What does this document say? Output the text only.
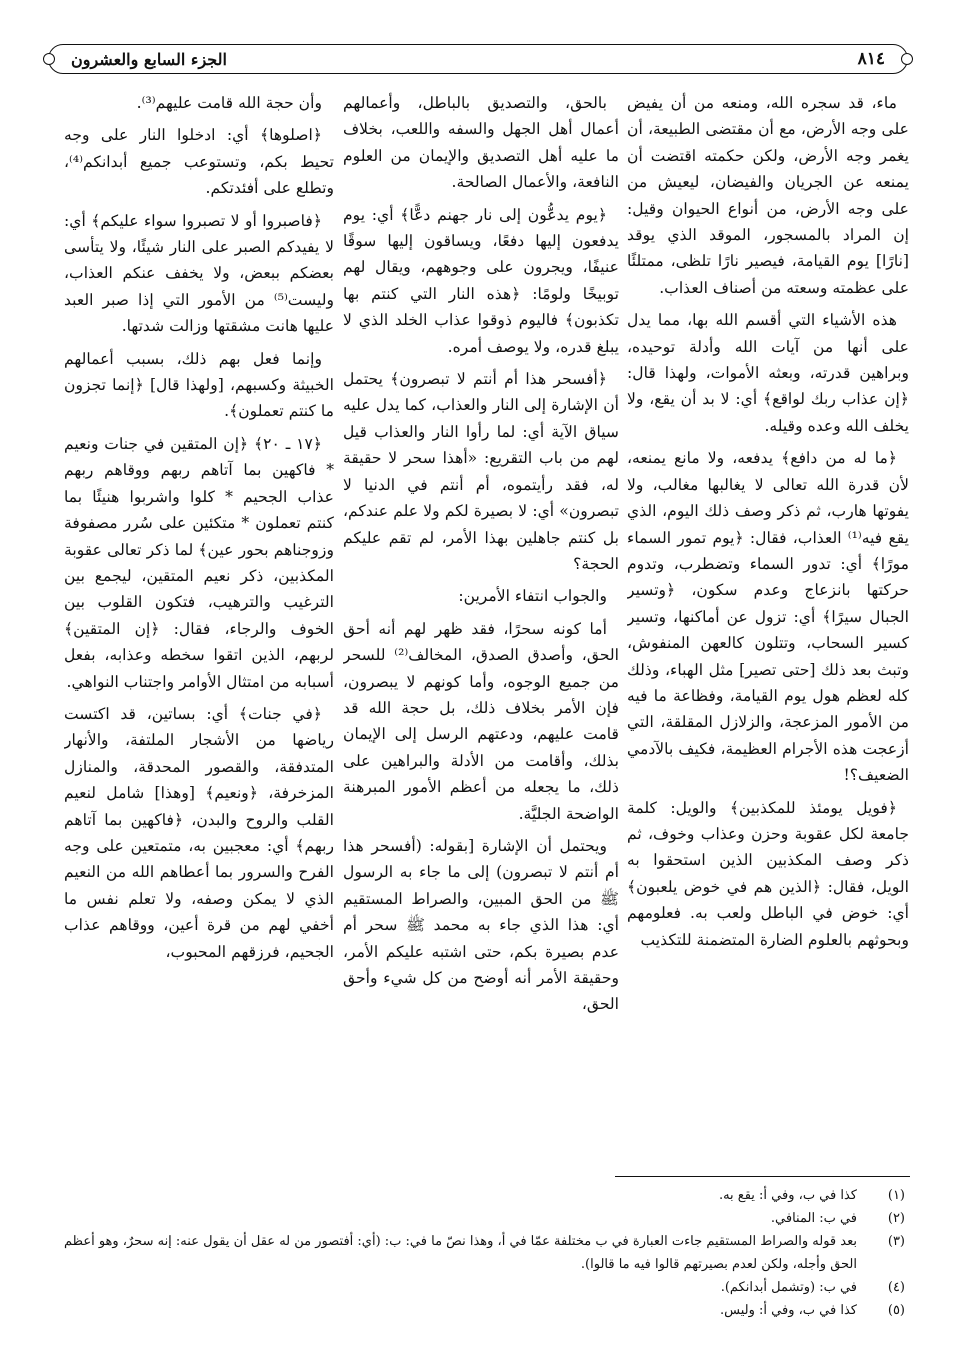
٨١٤
الجزء السابع والعشرون

ماء، قد سجره الله، ومنعه من أن يفيض على وجه الأرض، مع أن مقتضى الطبيعة، أن يغمر وجه الأرض، ولكن حكمته اقتضت أن يمنعه عن الجريان والفيضان، ليعيش من على وجه الأرض، من أنواع الحيوان وقيل: إن المراد بالمسجور، الموقد الذي يوقد [نارًا] يوم القيامة، فيصير نارًا تلظى، ممتلئًا على عظمته وسعته من أصناف العذاب.

هذه الأشياء التي أقسم الله بها، مما يدل على أنها من آيات الله وأدلة توحيده، وبراهين قدرته، وبعثه الأموات، ولهذا قال: ﴿إن عذاب ربك لواقع﴾ أي: لا بد أن يقع، ولا يخلف الله وعده وقيله.

﴿ما له من دافع﴾ يدفعه، ولا مانع يمنعه، لأن قدرة الله تعالى لا يغالبها مغالب، ولا يفوتها هارب، ثم ذكر وصف ذلك اليوم، الذي يقع فيه⁽¹⁾ العذاب، فقال: ﴿يوم تمور السماء مورًا﴾ أي: تدور السماء وتضطرب، وتدوم حركتها بانزعاج وعدم سكون، ﴿وتسير الجبال سيرًا﴾ أي: تزول عن أماكنها، وتسير كسير السحاب، وتتلون كالعهن المنفوش، وتبث بعد ذلك [حتى تصير] مثل الهباء، وذلك كله لعظم هول يوم القيامة، وفظاعة ما فيه من الأمور المزعجة، والزلازل المقلقة، التي أزعجت هذه الأجرام العظيمة، فكيف بالآدمي الضعيف؟!

﴿فويل يومئذ للمكذبين﴾ والويل: كلمة جامعة لكل عقوبة وحزن وعذاب وخوف، ثم ذكر وصف المكذبين الذين استحقوا به الويل، فقال: ﴿الذين هم في خوض يلعبون﴾ أي: خوض في الباطل ولعب به. فعلومهم وبحوثهم بالعلوم الضارة المتضمنة للتكذيب

بالحق، والتصديق بالباطل، وأعمالهم أعمال أهل الجهل والسفه واللعب، بخلاف ما عليه أهل التصديق والإيمان من العلوم النافعة، والأعمال الصالحة.

﴿يوم يدعُّون إلى نار جهنم دعًّا﴾ أي: يوم يدفعون إليها دفعًا، ويساقون إليها سوقًا عنيفًا، ويجرون على وجوههم، ويقال لهم توبيخًا ولومًا: ﴿هذه النار التي كنتم بها تكذبون﴾ فاليوم ذوقوا عذاب الخلد الذي لا يبلغ قدره، ولا يوصف أمره.

﴿أفسحر هذا أم أنتم لا تبصرون﴾ يحتمل أن الإشارة إلى النار والعذاب، كما يدل عليه سياق الآية أي: لما رأوا النار والعذاب قيل لهم من باب التقريع: «أهذا سحر لا حقيقة له، فقد رأيتموه، أم أنتم في الدنيا لا تبصرون» أي: لا بصيرة لكم ولا علم عندكم، بل كنتم جاهلين بهذا الأمر، لم تقم عليكم الحجة؟

والجواب انتفاء الأمرين:

أما كونه سحرًا، فقد ظهر لهم أنه أحق الحق، وأصدق الصدق، المخالف⁽²⁾ للسحر من جميع الوجوه، وأما كونهم لا يبصرون، فإن الأمر بخلاف ذلك، بل حجة الله قد قامت عليهم، ودعتهم الرسل إلى الإيمان بذلك، وأقامت من الأدلة والبراهين على ذلك، ما يجعله من أعظم الأمور المبرهنة الواضحة الجليَّة.

ويحتمل أن الإشارة [بقوله: (أفسحر هذا أم أنتم لا تبصرون) إلى ما جاء به الرسول ﷺ من الحق المبين، والصراط المستقيم أي: هذا الذي جاء به محمد ﷺ سحر أم عدم بصيرة بكم، حتى اشتبه عليكم الأمر، وحقيقة الأمر أنه أوضح من كل شيء وأحق الحق،

وأن حجة الله قامت عليهم⁽³⁾.

﴿اصلوها﴾ أي: ادخلوا النار على وجه تحيط بكم، وتستوعب جميع أبدانكم⁽⁴⁾، وتطلع على أفئدتكم.

﴿فاصبروا أو لا تصبروا سواء عليكم﴾ أي: لا يفيدكم الصبر على النار شيئًا، ولا يتأسى بعضكم ببعض، ولا يخفف عنكم العذاب، وليست⁽⁵⁾ من الأمور التي إذا صبر العبد عليها هانت مشقتها وزالت شدتها.

وإنما فعل بهم ذلك، بسبب أعمالهم الخبيثة وكسبهم، [ولهذا قال] ﴿إنما تجزون ما كنتم تعملون﴾.

﴿١٧ ـ ٢٠﴾ ﴿إن المتقين في جنات ونعيم * فاكهين بما آتاهم ربهم ووقاهم ربهم عذاب الجحيم * كلوا واشربوا هنيئًا بما كنتم تعملون * متكئين على سُرر مصفوفة وزوجناهم بحور عين﴾ لما ذكر تعالى عقوبة المكذبين، ذكر نعيم المتقين، ليجمع بين الترغيب والترهيب، فتكون القلوب بين الخوف والرجاء، فقال: ﴿إن المتقين﴾ لربهم، الذين اتقوا سخطه وعذابه، بفعل أسبابه من امتثال الأوامر واجتناب النواهي.

﴿في جنات﴾ أي: بساتين، قد اكتست رياضها من الأشجار الملتفة، والأنهار المتدفقة، والقصور المحدقة، والمنازل المزخرفة، ﴿ونعيم﴾ [وهذا] شامل لنعيم القلب والروح والبدن، ﴿فاكهين بما آتاهم ربهم﴾ أي: معجبين به، متمتعين على وجه الفرح والسرور بما أعطاهم الله من النعيم الذي لا يمكن وصفه، ولا تعلم نفس ما أخفي لهم من قرة أعين، ووقاهم عذاب الجحيم، فرزقهم المحبوب،

(١)
كذا في ب، وفي أ: يقع به.
(٢)
في ب: المنافي.
(٣)
بعد قوله والصراط المستقيم جاءت العبارة في ب مختلفة عمّا في أ، وهذا نصّ ما في: ب: (أي: أفتصور من له عقل أن يقول عنه: إنه سحرٌ، وهو أعظم الحق وأجله، ولكن لعدم بصيرتهم قالوا فيه ما قالوا).
(٤)
في ب: (وتشمل أبدانكم).
(٥)
كذا في ب، وفي أ: وليس.
